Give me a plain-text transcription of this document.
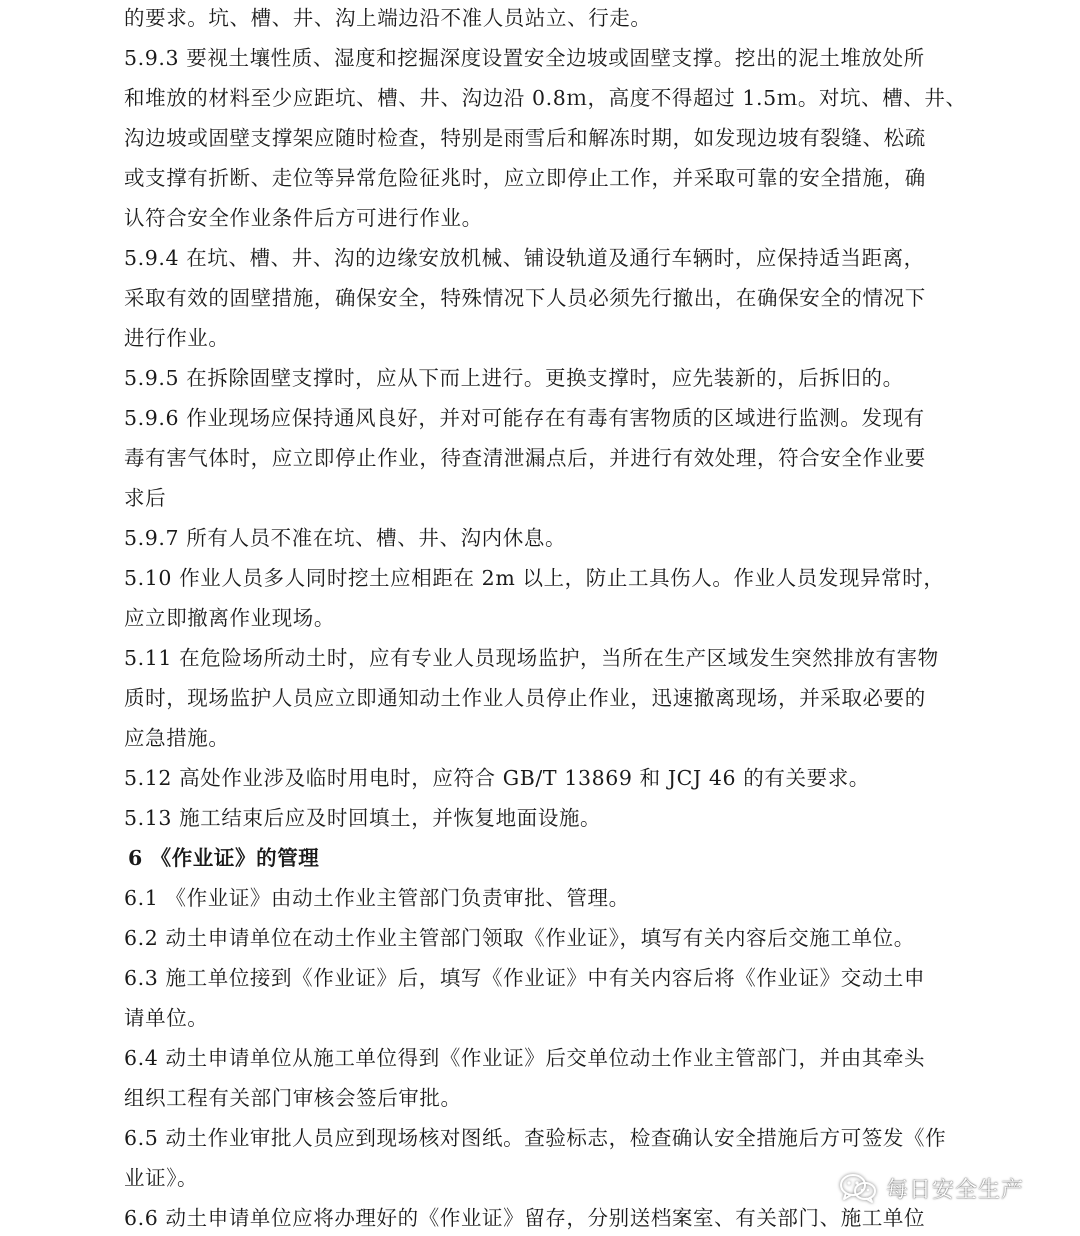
的要求。坑、槽、井、沟上端边沿不准人员站立、行走。
5.9.3 要视土壤性质、湿度和挖掘深度设置安全边坡或固壁支撑。挖出的泥土堆放处所
和堆放的材料至少应距坑、槽、井、沟边沿 0.8ｍ，高度不得超过 1.5ｍ。对坑、槽、井、
沟边坡或固壁支撑架应随时检查，特别是雨雪后和解冻时期，如发现边坡有裂缝、松疏
或支撑有折断、走位等异常危险征兆时，应立即停止工作，并采取可靠的安全措施，确
认符合安全作业条件后方可进行作业。
5.9.4 在坑、槽、井、沟的边缘安放机械、铺设轨道及通行车辆时，应保持适当距离，
采取有效的固壁措施，确保安全，特殊情况下人员必须先行撤出，在确保安全的情况下
进行作业。
5.9.5 在拆除固壁支撑时，应从下而上进行。更换支撑时，应先装新的，后拆旧的。
5.9.6 作业现场应保持通风良好，并对可能存在有毒有害物质的区域进行监测。发现有
毒有害气体时，应立即停止作业，待查清泄漏点后，并进行有效处理，符合安全作业要
求后
5.9.7 所有人员不准在坑、槽、井、沟内休息。
5.10 作业人员多人同时挖土应相距在 2m 以上，防止工具伤人。作业人员发现异常时，
应立即撤离作业现场。
5.11 在危险场所动土时，应有专业人员现场监护，当所在生产区域发生突然排放有害物
质时，现场监护人员应立即通知动土作业人员停止作业，迅速撤离现场，并采取必要的
应急措施。
5.12 高处作业涉及临时用电时，应符合 GB/T 13869 和 JCJ 46 的有关要求。
5.13 施工结束后应及时回填土，并恢复地面设施。
6 《作业证》的管理
6.1 《作业证》由动土作业主管部门负责审批、管理。
6.2 动土申请单位在动土作业主管部门领取《作业证》，填写有关内容后交施工单位。
6.3 施工单位接到《作业证》后，填写《作业证》中有关内容后将《作业证》交动土申
请单位。
6.4 动土申请单位从施工单位得到《作业证》后交单位动土作业主管部门，并由其牵头
组织工程有关部门审核会签后审批。
6.5 动土作业审批人员应到现场核对图纸。查验标志，检查确认安全措施后方可签发《作
业证》。
6.6 动土申请单位应将办理好的《作业证》留存，分别送档案室、有关部门、施工单位
每日安全生产
